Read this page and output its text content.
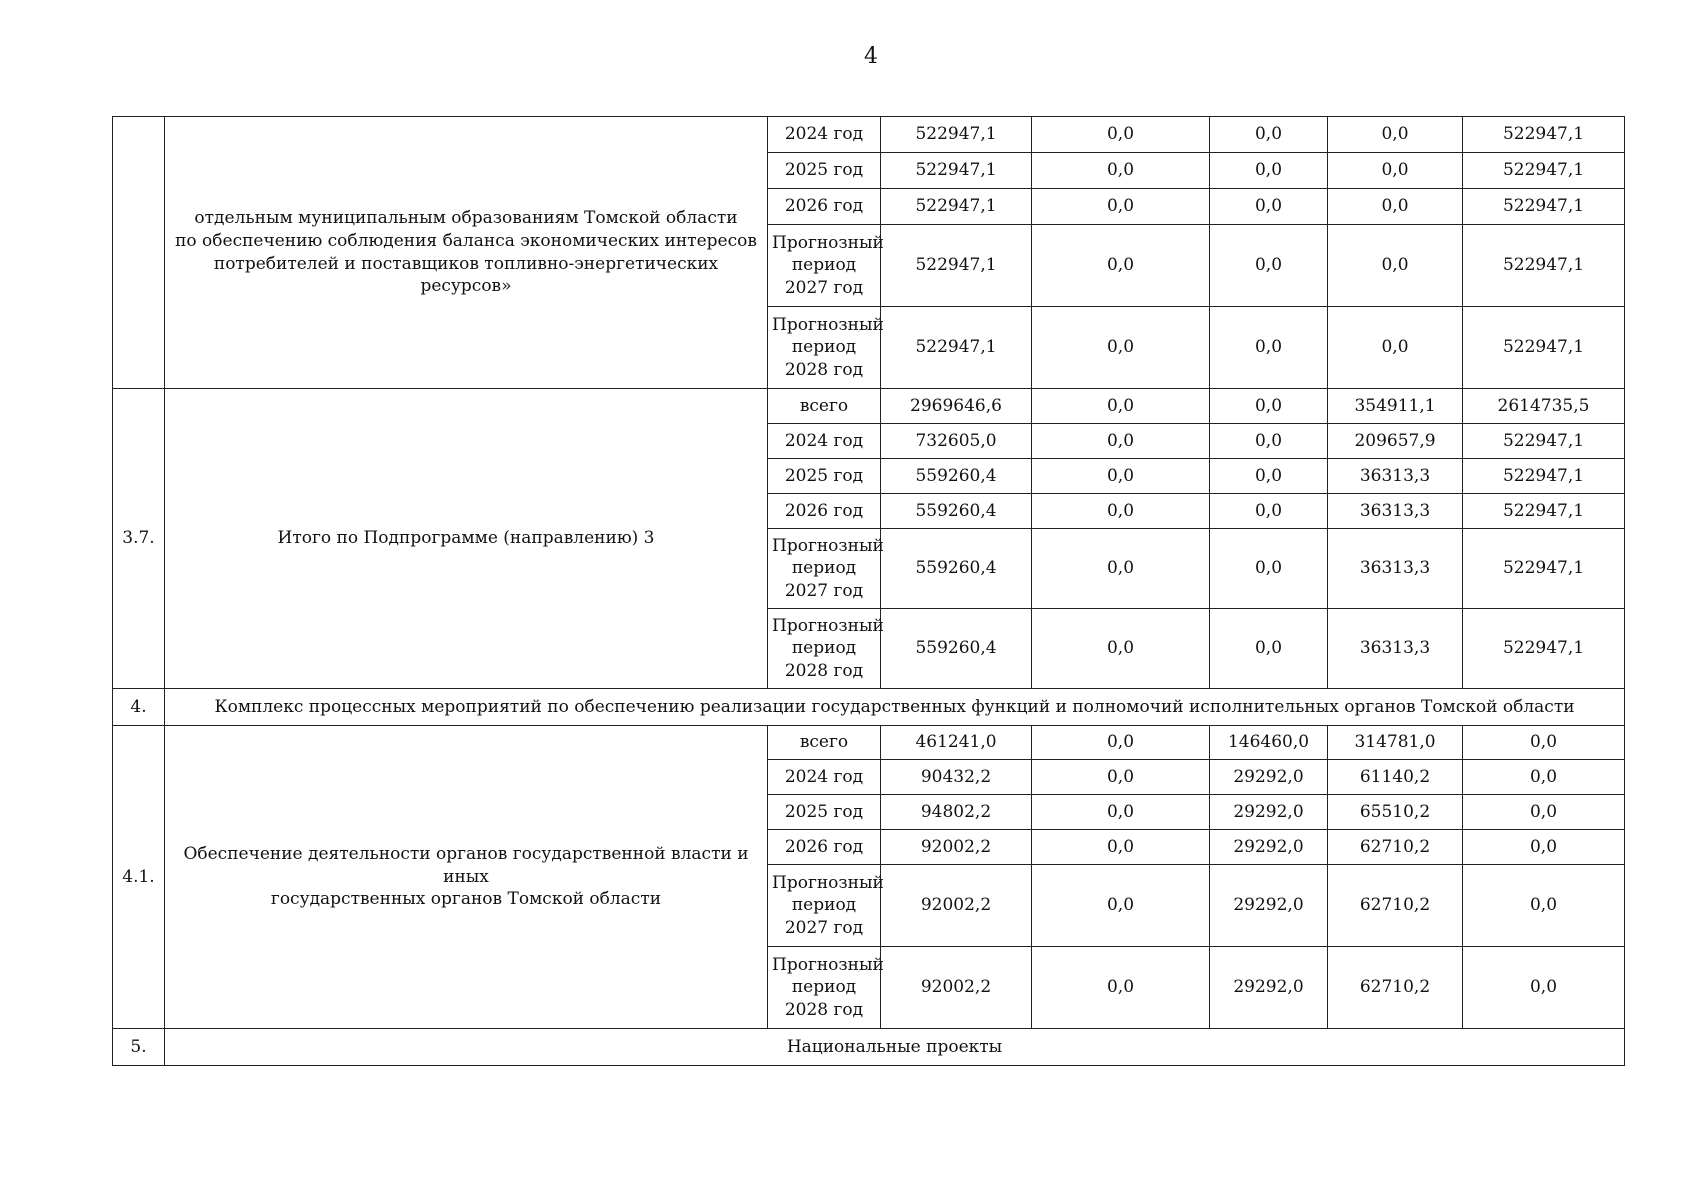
4
	отдельным муниципальным образованиям Томской области
по обеспечению соблюдения баланса экономических интересов
потребителей и поставщиков топливно-энергетических ресурсов»	2024 год	522947,1	0,0	0,0	0,0	522947,1
		2025 год	522947,1	0,0	0,0	0,0	522947,1
		2026 год	522947,1	0,0	0,0	0,0	522947,1
		Прогнозный
период
2027 год	522947,1	0,0	0,0	0,0	522947,1
		Прогнозный
период
2028 год	522947,1	0,0	0,0	0,0	522947,1
3.7.	Итого по Подпрограмме (направлению) 3	всего	2969646,6	0,0	0,0	354911,1	2614735,5
		2024 год	732605,0	0,0	0,0	209657,9	522947,1
		2025 год	559260,4	0,0	0,0	36313,3	522947,1
		2026 год	559260,4	0,0	0,0	36313,3	522947,1
		Прогнозный
период
2027 год	559260,4	0,0	0,0	36313,3	522947,1
		Прогнозный
период
2028 год	559260,4	0,0	0,0	36313,3	522947,1
4.	Комплекс процессных мероприятий по обеспечению реализации государственных функций и полномочий исполнительных органов Томской области						
4.1.	Обеспечение деятельности органов государственной власти и иных
государственных органов Томской области	всего	461241,0	0,0	146460,0	314781,0	0,0
		2024 год	90432,2	0,0	29292,0	61140,2	0,0
		2025 год	94802,2	0,0	29292,0	65510,2	0,0
		2026 год	92002,2	0,0	29292,0	62710,2	0,0
		Прогнозный
период
2027 год	92002,2	0,0	29292,0	62710,2	0,0
		Прогнозный
период
2028 год	92002,2	0,0	29292,0	62710,2	0,0
5.	Национальные проекты						
